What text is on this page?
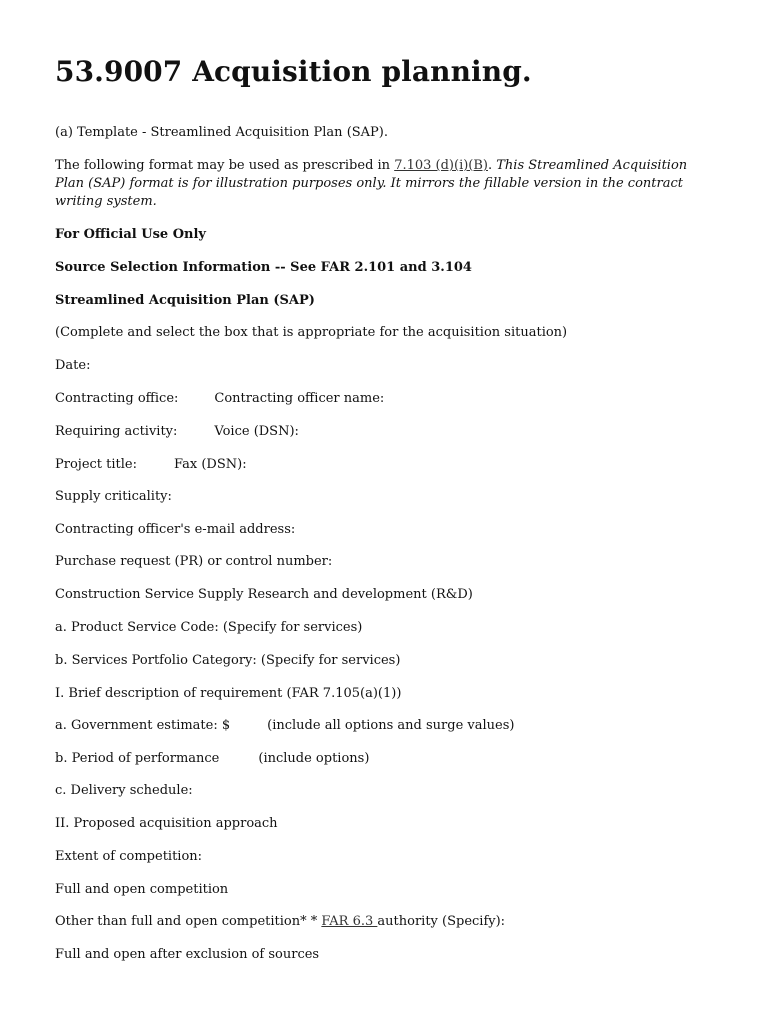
53.9007 Acquisition planning.

(a) Template - Streamlined Acquisition Plan (SAP).

The following format may be used as prescribed in 7.103 (d)(i)(B). This Streamlined Acquisition Plan (SAP) format is for illustration purposes only. It mirrors the fillable version in the contract writing system.

For Official Use Only

Source Selection Information -- See FAR 2.101 and 3.104

Streamlined Acquisition Plan (SAP)

(Complete and select the box that is appropriate for the acquisition situation)

Date:

Contracting office:	Contracting officer name:

Requiring activity:	Voice (DSN):

Project title:	Fax (DSN):

Supply criticality:

Contracting officer's e-mail address:

Purchase request (PR) or control number:

Construction Service Supply Research and development (R&D)

a. Product Service Code: (Specify for services)

b. Services Portfolio Category: (Specify for services)

I. Brief description of requirement (FAR 7.105(a)(1))

a. Government estimate: $	(include all options and surge values)

b. Period of performance	(include options)

c. Delivery schedule:

II. Proposed acquisition approach

Extent of competition:

Full and open competition

Other than full and open competition* * FAR 6.3 authority (Specify):

Full and open after exclusion of sources
